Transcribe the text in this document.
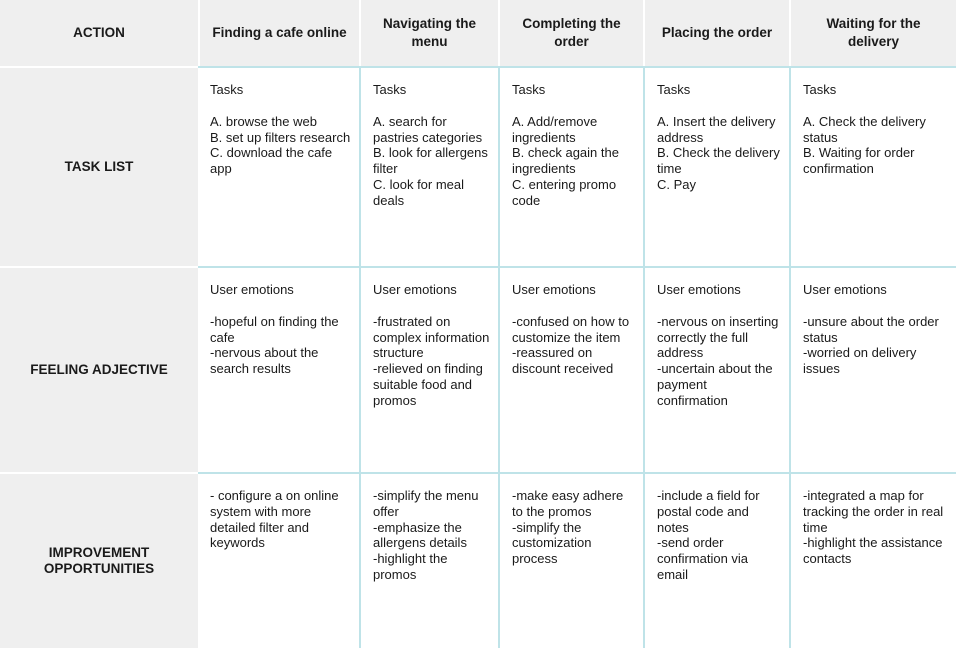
ACTION	Finding a cafe online
Navigating the menu
Completing the order
Placing the order
Waiting for the delivery
TASK LIST
Tasks
A. browse the web
B. set up filters research
C. download the cafe app
Tasks
A. search for pastries categories
B. look for allergens filter
C. look for meal deals
Tasks
A. Add/remove ingredients
B. check again the ingredients
C. entering promo code
Tasks
A. Insert the delivery address
B. Check the delivery time
C. Pay
Tasks
A. Check the delivery status
B. Waiting for order confirmation
FEELING ADJECTIVE
User emotions
-hopeful on finding the cafe
-nervous about the search results
User emotions
-frustrated on complex information structure
-relieved on finding suitable food and promos
User emotions
-confused on how to customize the item
-reassured on discount received
User emotions
-nervous on inserting correctly the full address
-uncertain about the payment confirmation
User emotions
-unsure about the order status
-worried on delivery issues
IMPROVEMENT OPPORTUNITIES
- configure a on online system with more detailed filter and keywords
-simplify the menu offer
-emphasize the allergens details
-highlight the promos
-make easy adhere to the promos
-simplify the customization process
-include a field for postal code and notes
-send order confirmation via email
-integrated a map for tracking the order in real time
-highlight the assistance contacts
